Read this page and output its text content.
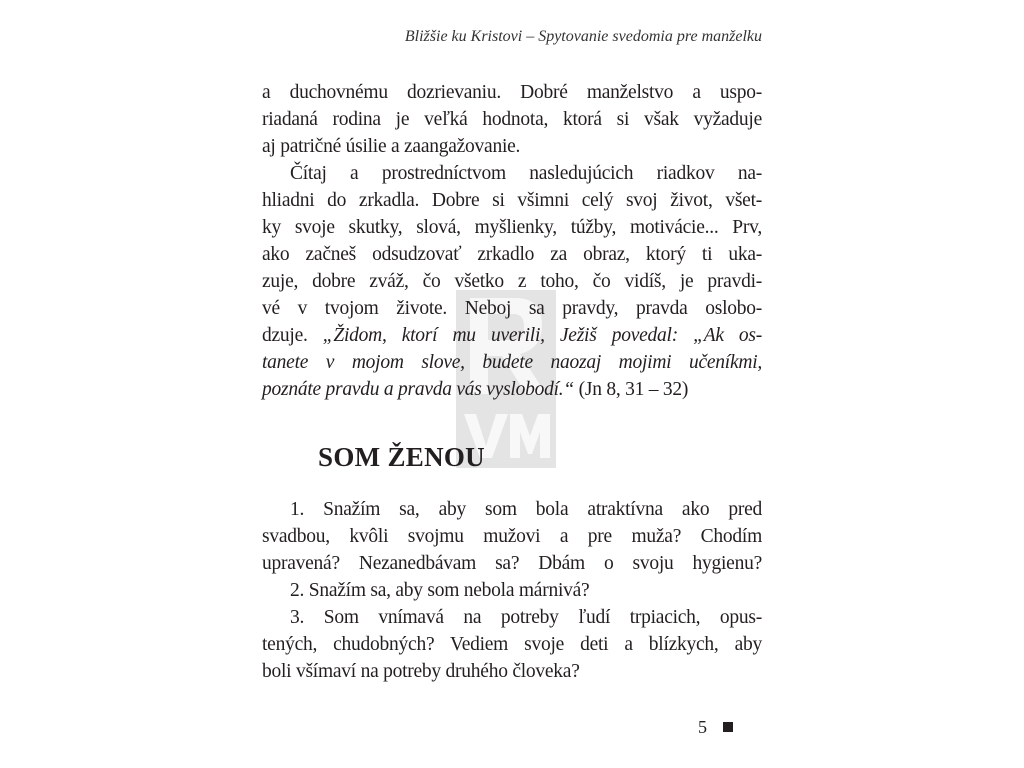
Bližšie ku Kristovi – Spytovanie svedomia pre manželku
a duchovnému dozrievaniu. Dobré manželstvo a uspo-
riadaná rodina je veľká hodnota, ktorá si však vyžaduje
aj patričné úsilie a zaangažovanie.
Čítaj a prostredníctvom nasledujúcich riadkov na-
hliadni do zrkadla. Dobre si všimni celý svoj život, všet-
ky svoje skutky, slová, myšlienky, túžby, motivácie... Prv,
ako začneš odsudzovať zrkadlo za obraz, ktorý ti uka-
zuje, dobre zváž, čo všetko z toho, čo vidíš, je pravdi-
vé v tvojom živote. Neboj sa pravdy, pravda oslobo-
dzuje. „Židom, ktorí mu uverili, Ježiš povedal: „Ak os-
tanete v mojom slove, budete naozaj mojimi učeníkmi,
poznáte pravdu a pravda vás vyslobodí.“ (Jn 8, 31 – 32)
SOM ŽENOU
1. Snažím sa, aby som bola atraktívna ako pred
svadbou, kvôli svojmu mužovi a pre muža? Chodím
upravená? Nezanedbávam sa? Dbám o svoju hygienu?
2. Snažím sa, aby som nebola márnivá?
3. Som vnímavá na potreby ľudí trpiacich, opus-
tených, chudobných? Vediem svoje deti a blízkych, aby
boli všímaví na potreby druhého človeka?
5
